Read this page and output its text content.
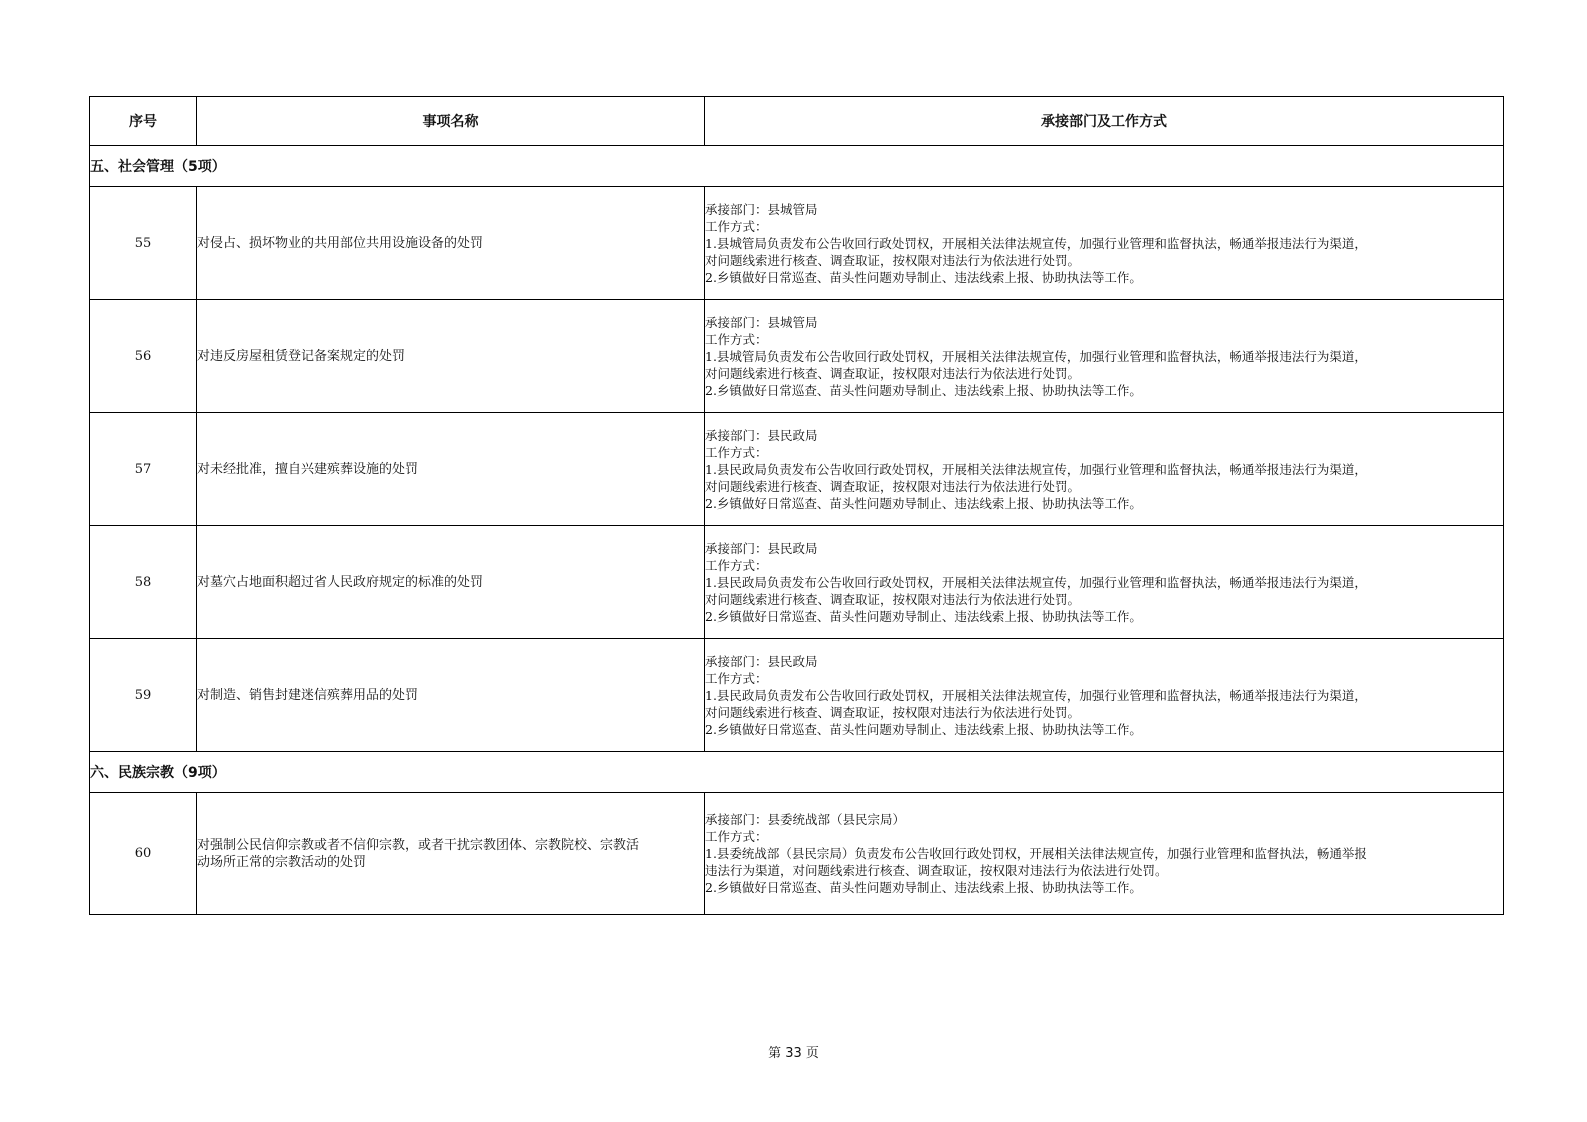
序号	事项名称	承接部门及工作方式
五、社会管理（5项）		
55	对侵占、损坏物业的共用部位共用设施设备的处罚	承接部门：县城管局
工作方式：
1.县城管局负责发布公告收回行政处罚权，开展相关法律法规宣传，加强行业管理和监督执法，畅通举报违法行为渠道，
对问题线索进行核查、调查取证，按权限对违法行为依法进行处罚。
2.乡镇做好日常巡查、苗头性问题劝导制止、违法线索上报、协助执法等工作。

56	对违反房屋租赁登记备案规定的处罚	承接部门：县城管局
工作方式：
1.县城管局负责发布公告收回行政处罚权，开展相关法律法规宣传，加强行业管理和监督执法，畅通举报违法行为渠道，
对问题线索进行核查、调查取证，按权限对违法行为依法进行处罚。
2.乡镇做好日常巡查、苗头性问题劝导制止、违法线索上报、协助执法等工作。

57	对未经批准，擅自兴建殡葬设施的处罚	承接部门：县民政局
工作方式：
1.县民政局负责发布公告收回行政处罚权，开展相关法律法规宣传，加强行业管理和监督执法，畅通举报违法行为渠道，
对问题线索进行核查、调查取证，按权限对违法行为依法进行处罚。
2.乡镇做好日常巡查、苗头性问题劝导制止、违法线索上报、协助执法等工作。

58	对墓穴占地面积超过省人民政府规定的标准的处罚	承接部门：县民政局
工作方式：
1.县民政局负责发布公告收回行政处罚权，开展相关法律法规宣传，加强行业管理和监督执法，畅通举报违法行为渠道，
对问题线索进行核查、调查取证，按权限对违法行为依法进行处罚。
2.乡镇做好日常巡查、苗头性问题劝导制止、违法线索上报、协助执法等工作。

59	对制造、销售封建迷信殡葬用品的处罚	承接部门：县民政局
工作方式：
1.县民政局负责发布公告收回行政处罚权，开展相关法律法规宣传，加强行业管理和监督执法，畅通举报违法行为渠道，
对问题线索进行核查、调查取证，按权限对违法行为依法进行处罚。
2.乡镇做好日常巡查、苗头性问题劝导制止、违法线索上报、协助执法等工作。

六、民族宗教（9项）		
60	对强制公民信仰宗教或者不信仰宗教，或者干扰宗教团体、宗教院校、宗教活
动场所正常的宗教活动的处罚	承接部门：县委统战部（县民宗局）
工作方式：
1.县委统战部（县民宗局）负责发布公告收回行政处罚权，开展相关法律法规宣传，加强行业管理和监督执法，畅通举报
违法行为渠道，对问题线索进行核查、调查取证，按权限对违法行为依法进行处罚。
2.乡镇做好日常巡查、苗头性问题劝导制止、违法线索上报、协助执法等工作。
第 33 页
